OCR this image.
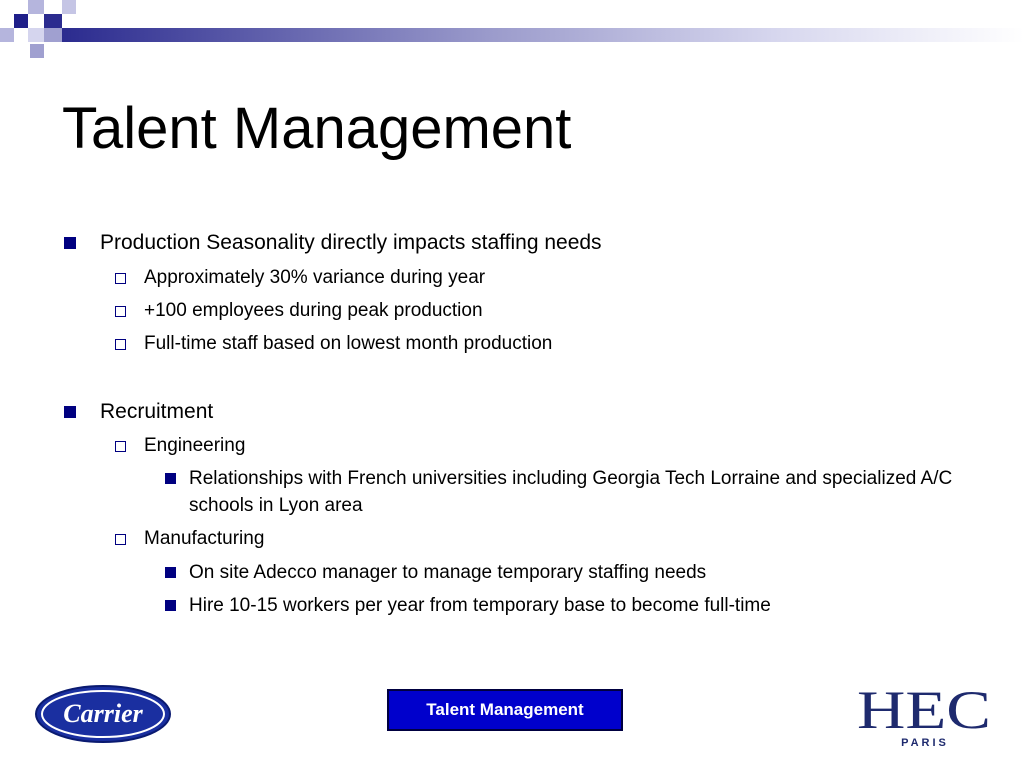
Talent Management
Production Seasonality directly impacts staffing needs
Approximately 30% variance during year
+100 employees during peak production
Full-time staff based on lowest month production
Recruitment
Engineering
Relationships with French universities including Georgia Tech Lorraine and specialized A/C schools in Lyon area
Manufacturing
On site Adecco manager to manage temporary staffing needs
Hire 10-15 workers per year from temporary base to become full-time
Carrier	Talent Management	HEC
PARIS
